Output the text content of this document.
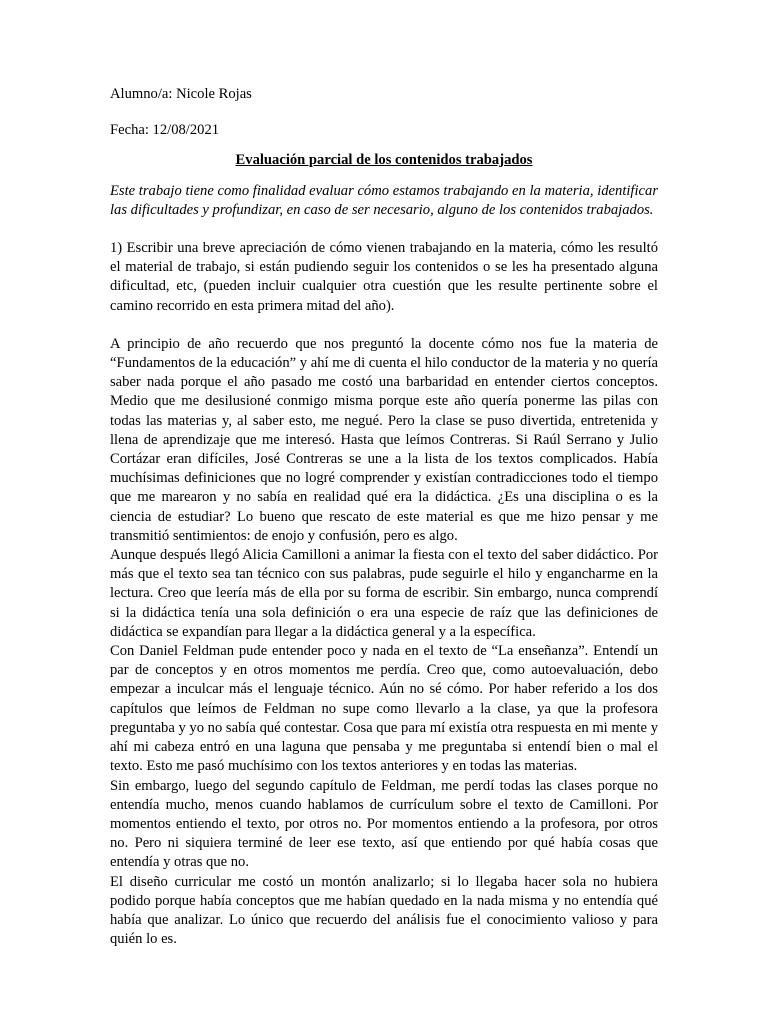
Alumno/a: Nicole Rojas

Fecha: 12/08/2021

Evaluación parcial de los contenidos trabajados

Este trabajo tiene como finalidad evaluar cómo estamos trabajando en la materia, identificar las dificultades y profundizar, en caso de ser necesario, alguno de los contenidos trabajados.

1) Escribir una breve apreciación de cómo vienen trabajando en la materia, cómo les resultó el material de trabajo, si están pudiendo seguir los contenidos o se les ha presentado alguna dificultad, etc, (pueden incluir cualquier otra cuestión que les resulte pertinente sobre el camino recorrido en esta primera mitad del año).

A principio de año recuerdo que nos preguntó la docente cómo nos fue la materia de “Fundamentos de la educación” y ahí me di cuenta el hilo conductor de la materia y no quería saber nada porque el año pasado me costó una barbaridad en entender ciertos conceptos. Medio que me desilusioné conmigo misma porque este año quería ponerme las pilas con todas las materias y, al saber esto, me negué. Pero la clase se puso divertida, entretenida y llena de aprendizaje que me interesó. Hasta que leímos Contreras. Si Raúl Serrano y Julio Cortázar eran difíciles, José Contreras se une a la lista de los textos complicados. Había muchísimas definiciones que no logré comprender y existían contradicciones todo el tiempo que me marearon y no sabía en realidad qué era la didáctica. ¿Es una disciplina o es la ciencia de estudiar? Lo bueno que rescato de este material es que me hizo pensar y me transmitió sentimientos: de enojo y confusión, pero es algo.

Aunque después llegó Alicia Camilloni a animar la fiesta con el texto del saber didáctico. Por más que el texto sea tan técnico con sus palabras, pude seguirle el hilo y engancharme en la lectura. Creo que leería más de ella por su forma de escribir. Sin embargo, nunca comprendí si la didáctica tenía una sola definición o era una especie de raíz que las definiciones de didáctica se expandían para llegar a la didáctica general y a la específica.

Con Daniel Feldman pude entender poco y nada en el texto de “La enseñanza”. Entendí un par de conceptos y en otros momentos me perdía. Creo que, como autoevaluación, debo empezar a inculcar más el lenguaje técnico. Aún no sé cómo. Por haber referido a los dos capítulos que leímos de Feldman no supe como llevarlo a la clase, ya que la profesora preguntaba y yo no sabía qué contestar. Cosa que para mí existía otra respuesta en mi mente y ahí mi cabeza entró en una laguna que pensaba y me preguntaba si entendí bien o mal el texto. Esto me pasó muchísimo con los textos anteriores y en todas las materias.

Sin embargo, luego del segundo capítulo de Feldman, me perdí todas las clases porque no entendía mucho, menos cuando hablamos de currículum sobre el texto de Camilloni. Por momentos entiendo el texto, por otros no. Por momentos entiendo a la profesora, por otros no. Pero ni siquiera terminé de leer ese texto, así que entiendo por qué había cosas que entendía y otras que no.

El diseño curricular me costó un montón analizarlo; si lo llegaba hacer sola no hubiera podido porque había conceptos que me habían quedado en la nada misma y no entendía qué había que analizar. Lo único que recuerdo del análisis fue el conocimiento valioso y para quién lo es.
